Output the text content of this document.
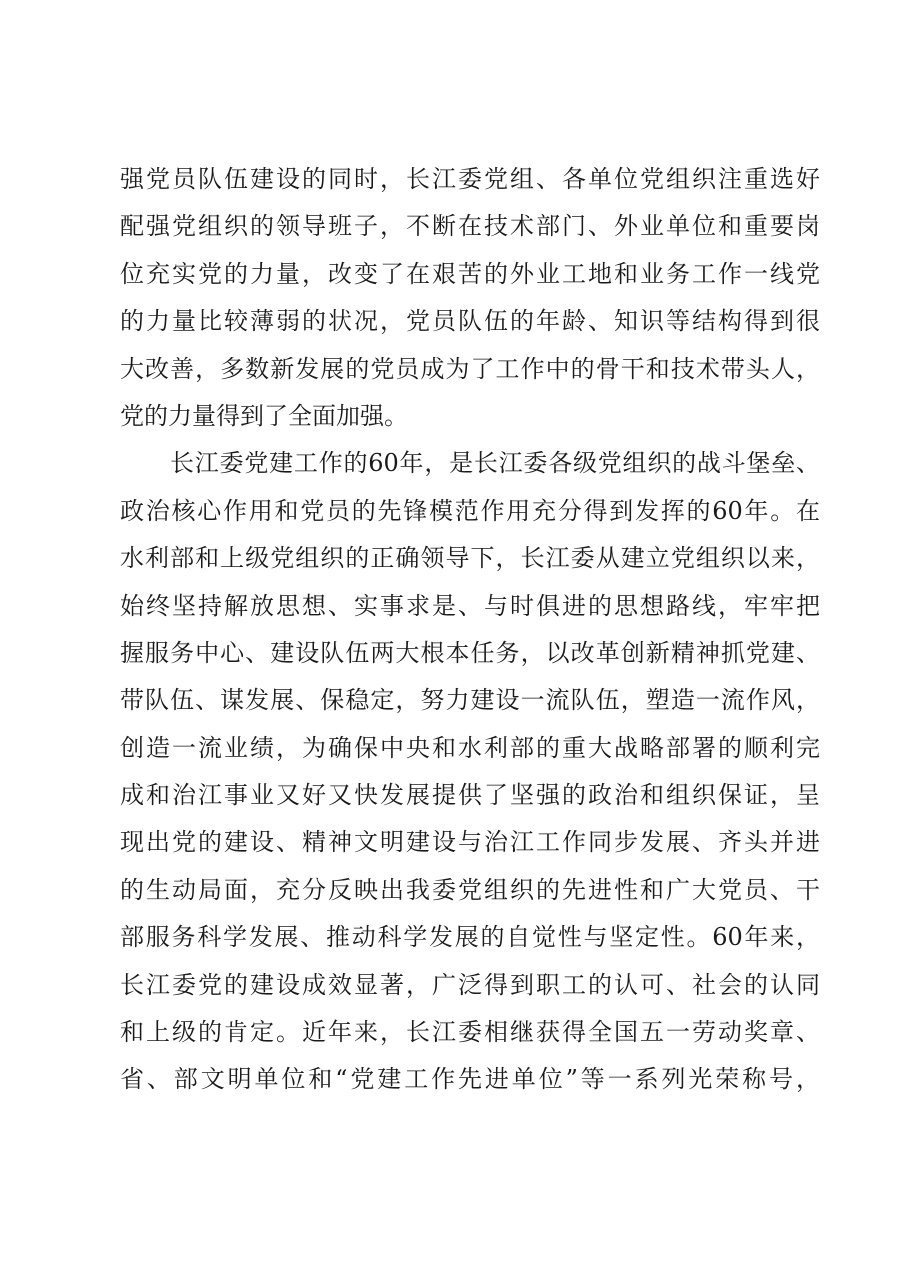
强党员队伍建设的同时，长江委党组、各单位党组织注重选好
配强党组织的领导班子，不断在技术部门、外业单位和重要岗
位充实党的力量，改变了在艰苦的外业工地和业务工作一线党
的力量比较薄弱的状况，党员队伍的年龄、知识等结构得到很
大改善，多数新发展的党员成为了工作中的骨干和技术带头人，
党的力量得到了全面加强。
长江委党建工作的60年，是长江委各级党组织的战斗堡垒、
政治核心作用和党员的先锋模范作用充分得到发挥的60年。在
水利部和上级党组织的正确领导下，长江委从建立党组织以来，
始终坚持解放思想、实事求是、与时俱进的思想路线，牢牢把
握服务中心、建设队伍两大根本任务，以改革创新精神抓党建、
带队伍、谋发展、保稳定，努力建设一流队伍，塑造一流作风，
创造一流业绩，为确保中央和水利部的重大战略部署的顺利完
成和治江事业又好又快发展提供了坚强的政治和组织保证，呈
现出党的建设、精神文明建设与治江工作同步发展、齐头并进
的生动局面，充分反映出我委党组织的先进性和广大党员、干
部服务科学发展、推动科学发展的自觉性与坚定性。60年来，
长江委党的建设成效显著，广泛得到职工的认可、社会的认同
和上级的肯定。近年来，长江委相继获得全国五一劳动奖章、
省、部文明单位和“党建工作先进单位”等一系列光荣称号，
